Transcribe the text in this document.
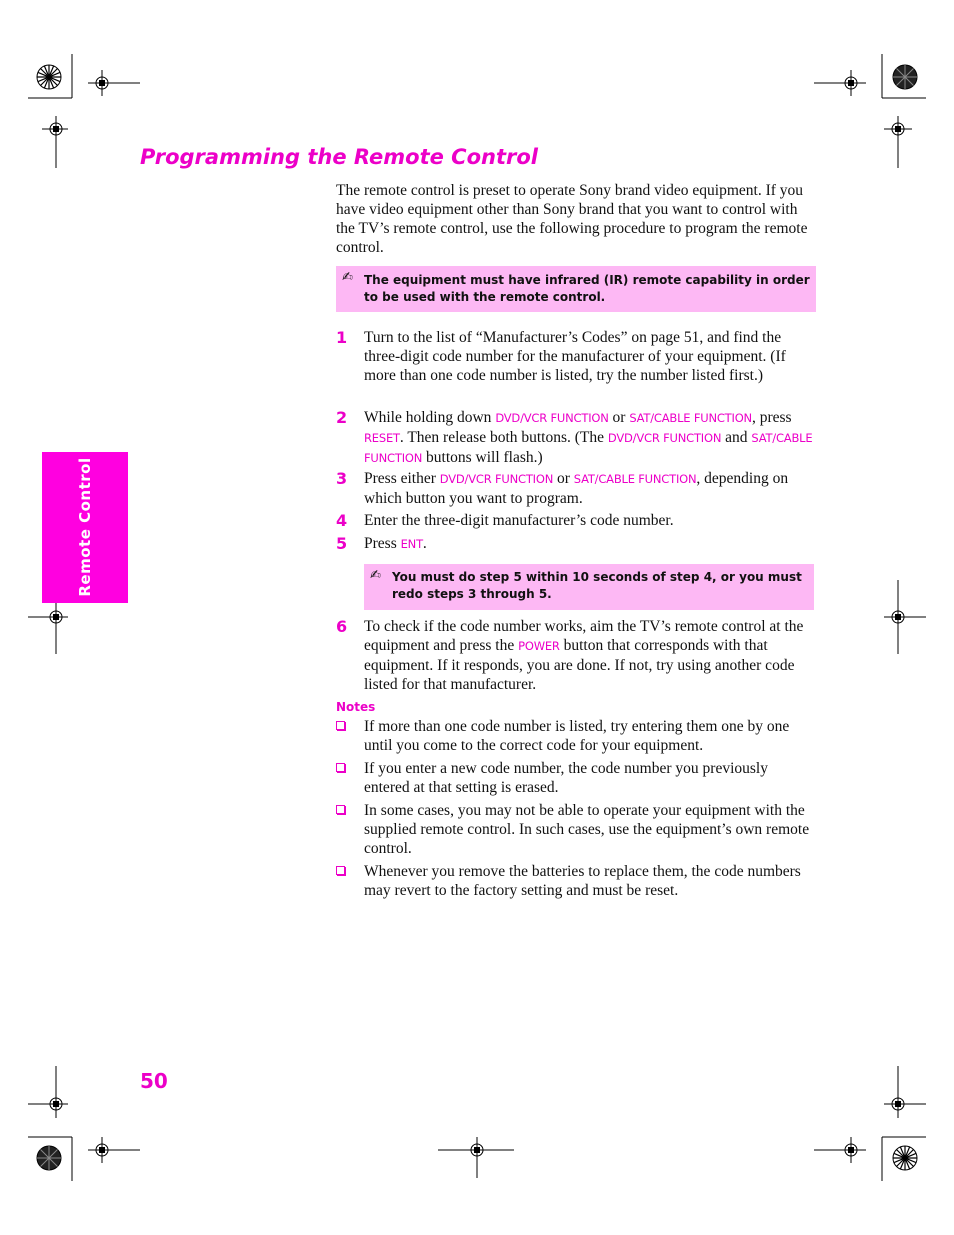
Programming the Remote Control
The remote control is preset to operate Sony brand video equipment. If you have video equipment other than Sony brand that you want to control with the TV’s remote control, use the following procedure to program the remote control.
✍ The equipment must have infrared (IR) remote capability in order to be used with the remote control.
1 Turn to the list of “Manufacturer’s Codes” on page 51, and find the three-digit code number for the manufacturer of your equipment. (If more than one code number is listed, try the number listed first.)
2 While holding down DVD/VCR FUNCTION or SAT/CABLE FUNCTION, press RESET. Then release both buttons. (The DVD/VCR FUNCTION and SAT/CABLE FUNCTION buttons will flash.)
3 Press either DVD/VCR FUNCTION or SAT/CABLE FUNCTION, depending on which button you want to program.
4 Enter the three-digit manufacturer’s code number.
5 Press ENT.
✍ You must do step 5 within 10 seconds of step 4, or you must redo steps 3 through 5.
6 To check if the code number works, aim the TV’s remote control at the equipment and press the POWER button that corresponds with that equipment. If it responds, you are done. If not, try using another code listed for that manufacturer.
Notes
If more than one code number is listed, try entering them one by one until you come to the correct code for your equipment.
If you enter a new code number, the code number you previously entered at that setting is erased.
In some cases, you may not be able to operate your equipment with the supplied remote control. In such cases, use the equipment’s own remote control.
Whenever you remove the batteries to replace them, the code numbers may revert to the factory setting and must be reset.
Remote Control
50
